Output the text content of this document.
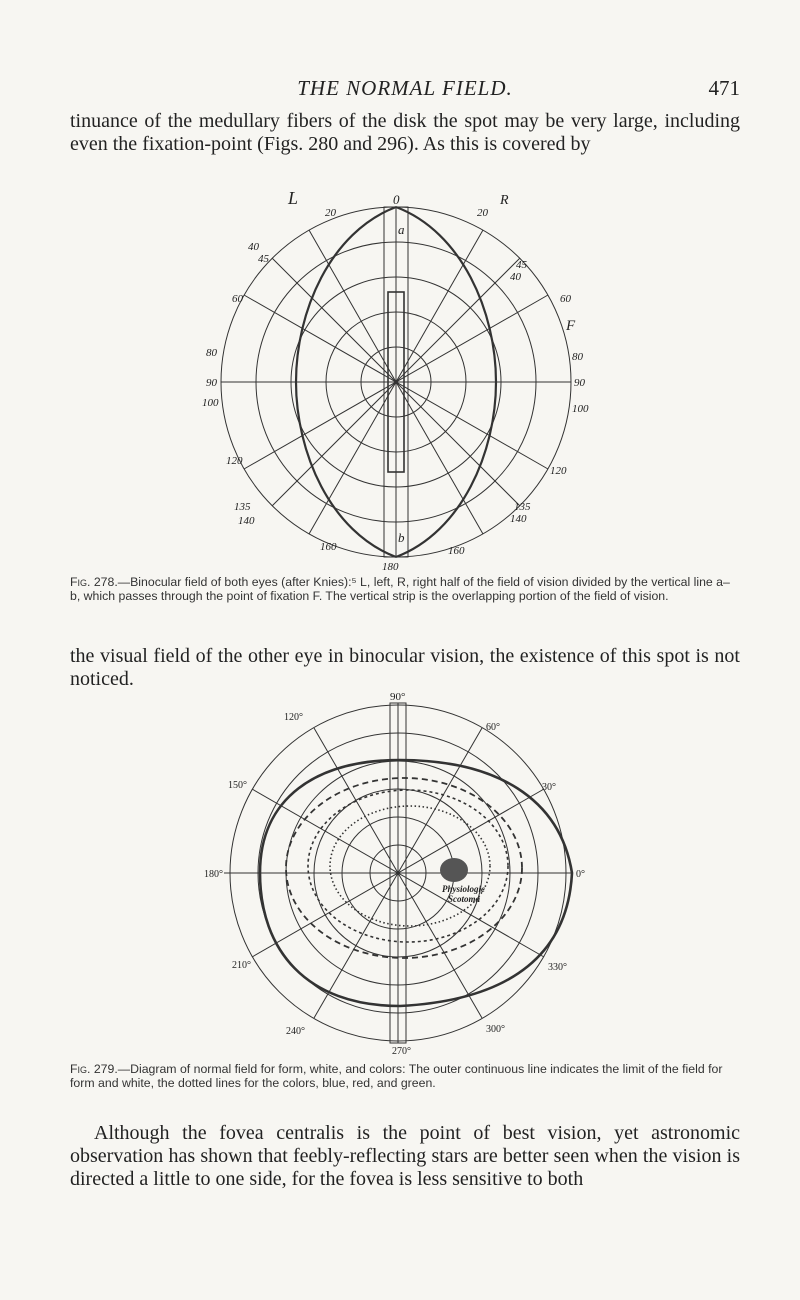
THE NORMAL FIELD.	471

tinuance of the medullary fibers of the disk the spot may be very large, including even the fixation-point (Figs. 280 and 296). As this is covered by

L	0	R
a
b
F
20	20
40
45
40
45
60	60
80	80
90	90
100	100
120
120
135
140
135
140
160	160
180
Fig. 278.—Binocular field of both eyes (after Knies):⁵ L, left, R, right half of the field of vision divided by the vertical line a–b, which passes through the point of fixation F. The vertical strip is the overlapping portion of the field of vision.

the visual field of the other eye in binocular vision, the existence of this spot is not noticed.

90°
120°
60°
150°	30°
180°	0°
210°	330°
240°	300°
270°
Physiologic
Scotoma
Fig. 279.—Diagram of normal field for form, white, and colors: The outer continuous line indicates the limit of the field for form and white, the dotted lines for the colors, blue, red, and green.

Although the fovea centralis is the point of best vision, yet astronomic observation has shown that feebly-reflecting stars are better seen when the vision is directed a little to one side, for the fovea is less sensitive to both
